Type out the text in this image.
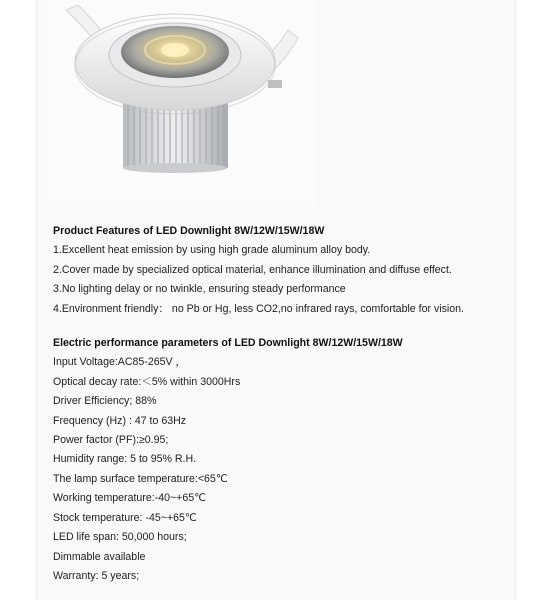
Product Features of LED Downlight 8W/12W/15W/18W

1.Excellent heat emission by using high grade aluminum alloy body.

2.Cover made by specialized optical material, enhance illumination and diffuse effect.

3.No lighting delay or no twinkle, ensuring steady performance

4.Environment friendly： no Pb or Hg, less CO2,no infrared rays, comfortable for vision.

Electric performance parameters of LED Downlight 8W/12W/15W/18W

Input Voltage:AC85-265V ，

Optical decay rate:＜5% within 3000Hrs

Driver Efficiency; 88%

Frequency (Hz) : 47 to 63Hz

Power factor (PF):≥0.95;

Humidity range: 5 to 95% R.H.

The lamp surface temperature:<65℃

Working temperature:-40~+65℃

Stock temperature: -45~+65℃

LED life span: 50,000 hours;

Dimmable available

Warranty: 5 years;
